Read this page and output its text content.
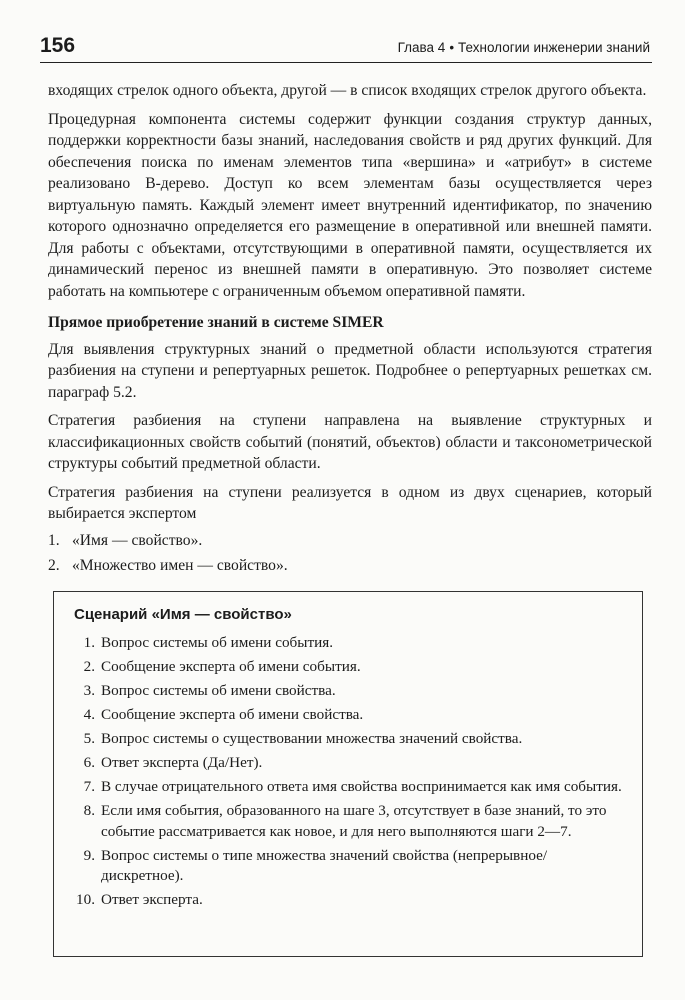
156	Глава 4 • Технологии инженерии знаний

входящих стрелок одного объекта, другой — в список входящих стрелок другого объекта.

Процедурная компонента системы содержит функции создания структур данных, поддержки корректности базы знаний, наследования свойств и ряд других функций. Для обеспечения поиска по именам элементов типа «вершина» и «атрибут» в системе реализовано B-дерево. Доступ ко всем элементам базы осуществляется через виртуальную память. Каждый элемент имеет внутренний идентификатор, по значению которого однозначно определяется его размещение в оперативной или внешней памяти. Для работы с объектами, отсутствующими в оперативной памяти, осуществляется их динамический перенос из внешней памяти в оперативную. Это позволяет системе работать на компьютере с ограниченным объемом оперативной памяти.

Прямое приобретение знаний в системе SIMER

Для выявления структурных знаний о предметной области используются стратегия разбиения на ступени и репертуарных решеток. Подробнее о репертуарных решетках см. параграф 5.2.

Стратегия разбиения на ступени направлена на выявление структурных и классификационных свойств событий (понятий, объектов) области и таксонометрической структуры событий предметной области.

Стратегия разбиения на ступени реализуется в одном из двух сценариев, который выбирается экспертом

1. «Имя — свойство».
2. «Множество имен — свойство».
Сценарий «Имя — свойство»
1. Вопрос системы об имени события.
2. Сообщение эксперта об имени события.
3. Вопрос системы об имени свойства.
4. Сообщение эксперта об имени свойства.
5. Вопрос системы о существовании множества значений свойства.
6. Ответ эксперта (Да/Нет).
7. В случае отрицательного ответа имя свойства воспринимается как имя события.
8. Если имя события, образованного на шаге 3, отсутствует в базе знаний, то это событие рассматривается как новое, и для него выполняются шаги 2—7.
9. Вопрос системы о типе множества значений свойства (непрерывное/дискретное).
10. Ответ эксперта.
